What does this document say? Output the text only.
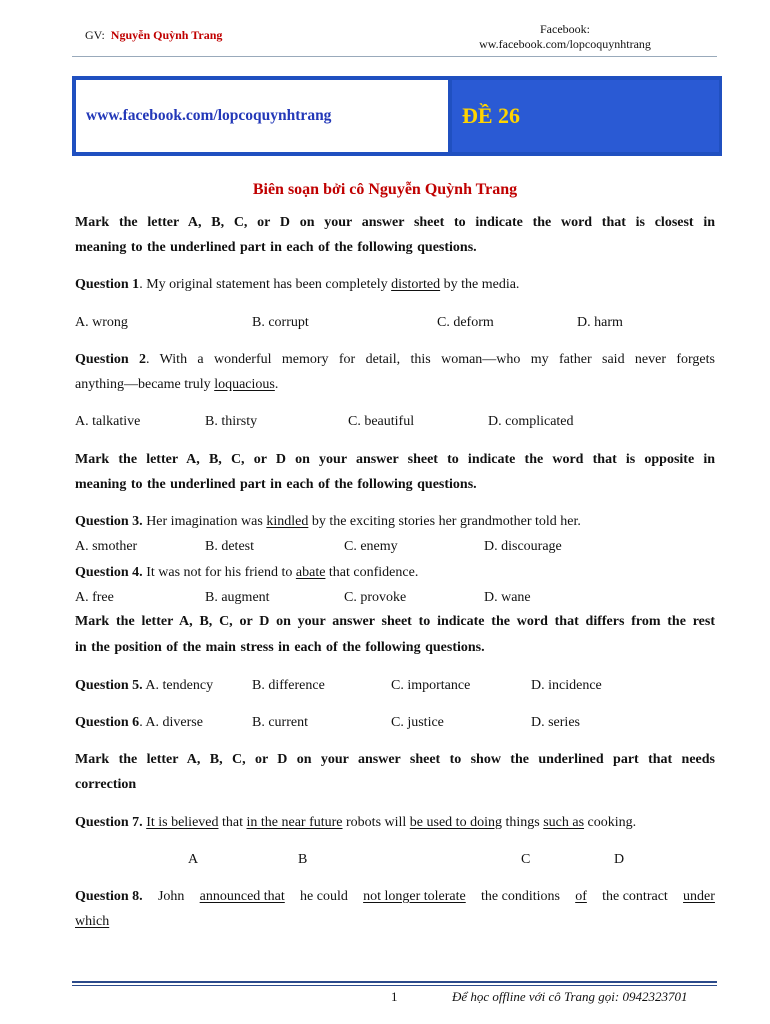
GV: Nguyễn Quỳnh Trang	Facebook:
ww.facebook.com/lopcoquynhtrang
www.facebook.com/lopcoquynhtrang	ĐỀ 26
Biên soạn bởi cô Nguyễn Quỳnh Trang
Mark the letter A, B, C, or D on your answer sheet to indicate the word that is closest in
meaning to the underlined part in each of the following questions.
Question 1. My original statement has been completely distorted by the media.
A. wrong	B. corrupt	C. deform	D. harm
Question 2. With a wonderful memory for detail, this woman—who my father said never forgets
anything—became truly loquacious.
A. talkative	B. thirsty	C. beautiful	D. complicated
Mark the letter A, B, C, or D on your answer sheet to indicate the word that is opposite in
meaning to the underlined part in each of the following questions.
Question 3. Her imagination was kindled by the exciting stories her grandmother told her.
A. smother	B. detest	C. enemy	D. discourage
Question 4. It was not for his friend to abate that confidence.
A. free	B. augment	C. provoke	D. wane
Mark the letter A, B, C, or D on your answer sheet to indicate the word that differs from the rest
in the position of the main stress in each of the following questions.
Question 5. A. tendency	B. difference	C. importance	D. incidence
Question 6. A. diverse	B. current	C. justice	D. series
Mark the letter A, B, C, or D on your answer sheet to show the underlined part that needs
correction
Question 7. It is believed that in the near future robots will be used to doing things such as cooking.
A	B	C	D
Question 8. John announced that he could not longer tolerate the conditions of the contract under
which
1	Để học offline với cô Trang gọi: 0942323701
